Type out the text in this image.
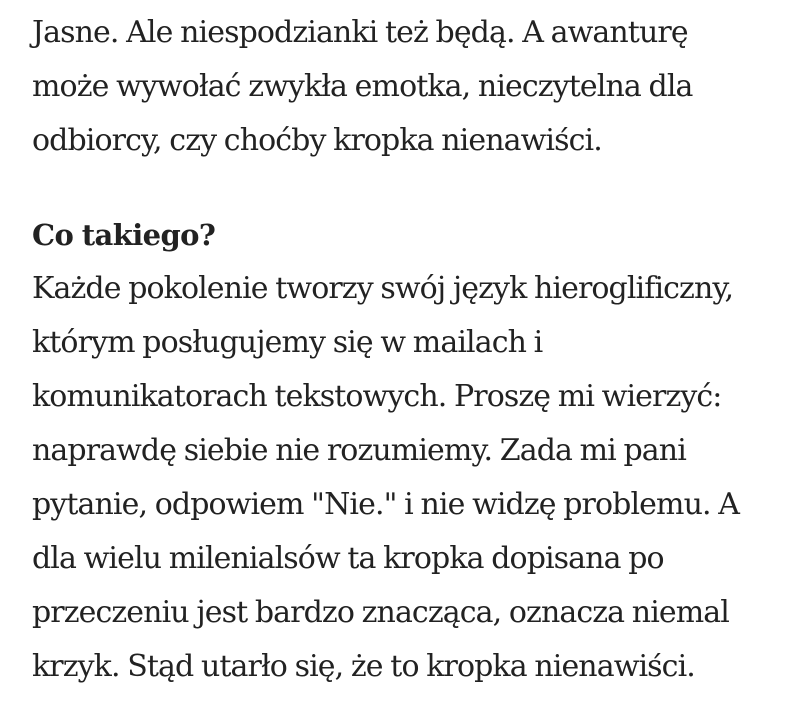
Jasne. Ale niespodzianki też będą. A awanturę
może wywołać zwykła emotka, nieczytelna dla
odbiorcy, czy choćby kropka nienawiści.

Co takiego?

Każde pokolenie tworzy swój język hieroglificzny,
którym posługujemy się w mailach i
komunikatorach tekstowych. Proszę mi wierzyć:
naprawdę siebie nie rozumiemy. Zada mi pani
pytanie, odpowiem "Nie." i nie widzę problemu. A
dla wielu milenialsów ta kropka dopisana po
przeczeniu jest bardzo znacząca, oznacza niemal
krzyk. Stąd utarło się, że to kropka nienawiści.
